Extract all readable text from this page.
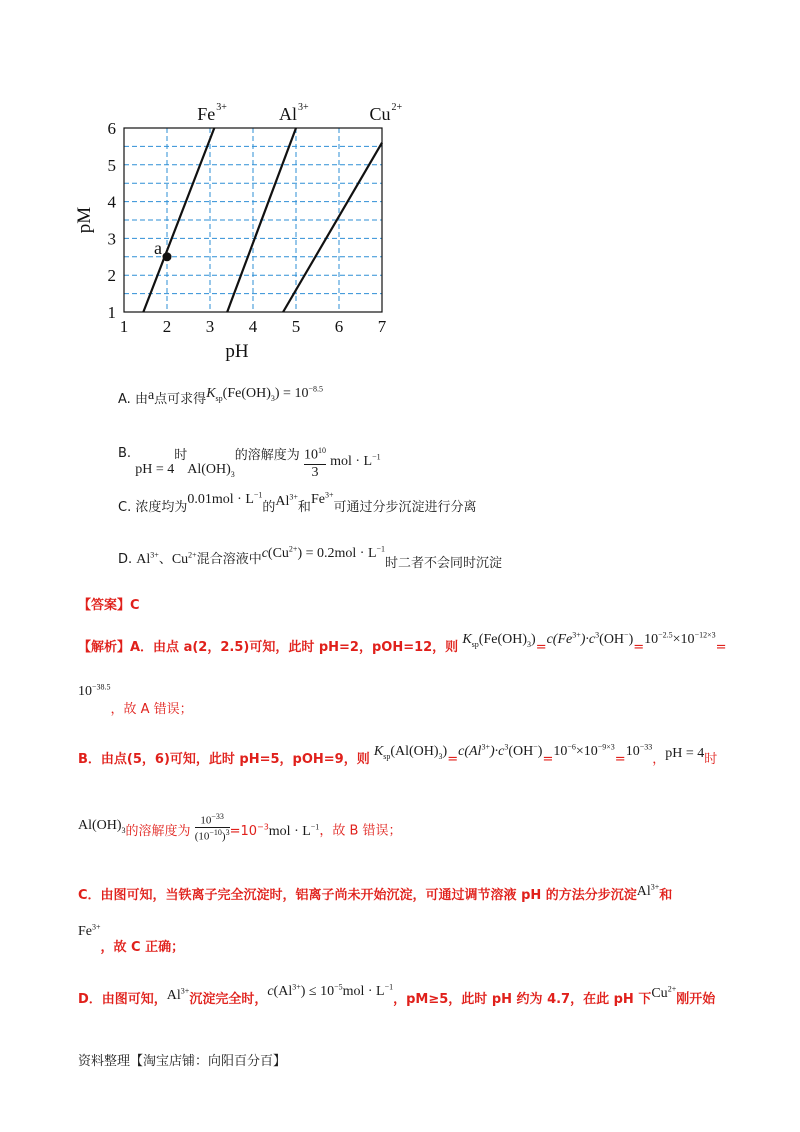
1 2 3 4 5 6 7
1
2
3
4
5
6
pH
pM
Fe 3+	Al 3+	Cu 2+
a
A. 由a点可求得$K_{sp}(Fe(OH)_3) = 10^{-8.5}$
B. pH = 4时$Al(OH)_3$的溶解度为 $\frac{10^{10}}{3}$ mol · $L^{-1}$
C. 浓度均为$0.01mol \cdot L^{-1}$的$Al^{3+}$和$Fe^{3+}$可通过分步沉淀进行分离
D. $Al^{3+}$、$Cu^{2+}$混合溶液中$c(Cu^{2+}) = 0.2mol \cdot L^{-1}$时二者不会同时沉淀
【答案】C
【解析】A．由点 a(2，2.5)可知，此时 pH=2，pOH=12，则 $K_{sp}(Fe(OH)_3)=c(Fe^{3+})\cdot c^3(OH^-)=10^{-2.5}\times 10^{-12\times 3}=$
$10^{-38.5}$，故 A 错误；
B．由点(5，6)可知，此时 pH=5，pOH=9，则 $K_{sp}(Al(OH)_3)=c(Al^{3+})\cdot c^3(OH^-)=10^{-6}\times 10^{-9\times 3}=10^{-33}$，pH = 4时
$Al(OH)_3$的溶解度为 $\frac{10^{-33}}{(10^{-10})^3} =10^{-3}mol \cdot L^{-1}$，故 B 错误；
C．由图可知，当铁离子完全沉淀时，铝离子尚未开始沉淀，可通过调节溶液 pH 的方法分步沉淀$Al^{3+}$和
$Fe^{3+}$，故 C 正确；
D．由图可知，$Al^{3+}$沉淀完全时，$c(Al^{3+}) \le 10^{-5}mol \cdot L^{-1}$，pM≥5，此时 pH 约为 4.7，在此 pH 下$Cu^{2+}$刚开始
资料整理【淘宝店铺：向阳百分百】
